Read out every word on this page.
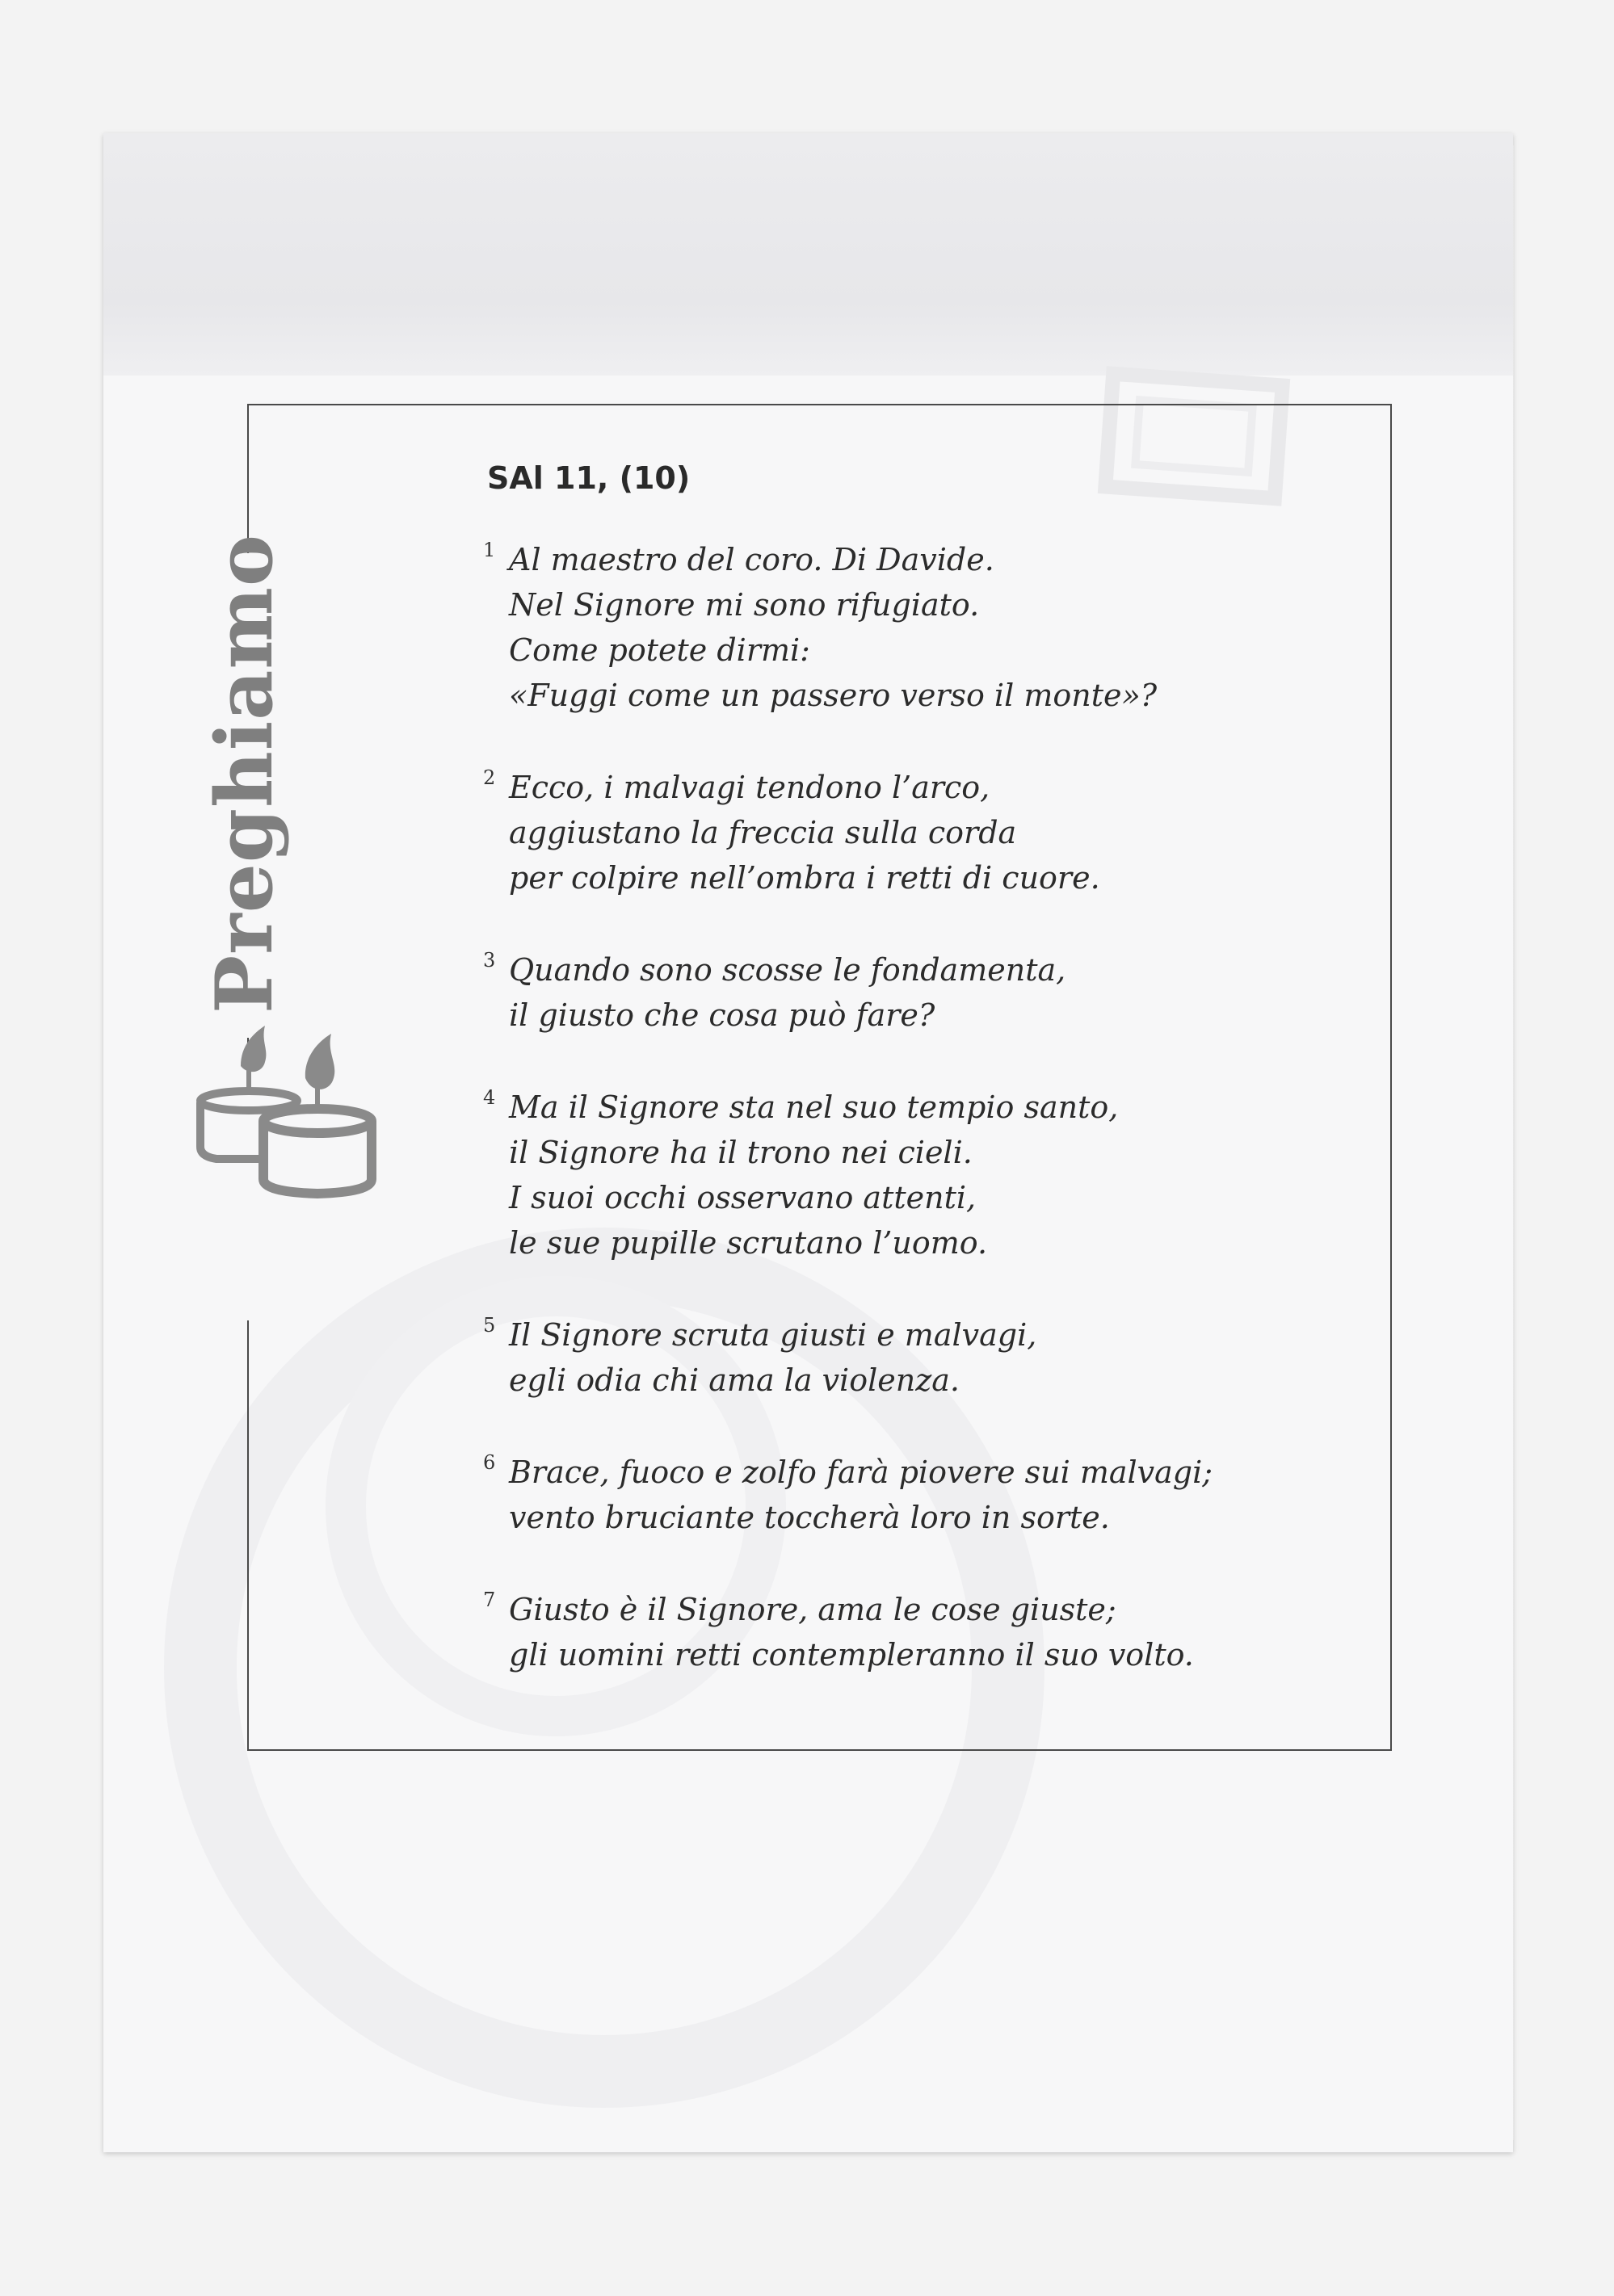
Preghiamo
SAl 11, (10)
1 Al maestro del coro. Di Davide.
Nel Signore mi sono rifugiato.
Come potete dirmi:
«Fuggi come un passero verso il monte»?
2 Ecco, i malvagi tendono l’arco,
aggiustano la freccia sulla corda
per colpire nell’ombra i retti di cuore.
3 Quando sono scosse le fondamenta,
il giusto che cosa può fare?
4 Ma il Signore sta nel suo tempio santo,
il Signore ha il trono nei cieli.
I suoi occhi osservano attenti,
le sue pupille scrutano l’uomo.
5 Il Signore scruta giusti e malvagi,
egli odia chi ama la violenza.
6 Brace, fuoco e zolfo farà piovere sui malvagi;
vento bruciante toccherà loro in sorte.
7 Giusto è il Signore, ama le cose giuste;
gli uomini retti contempleranno il suo volto.
